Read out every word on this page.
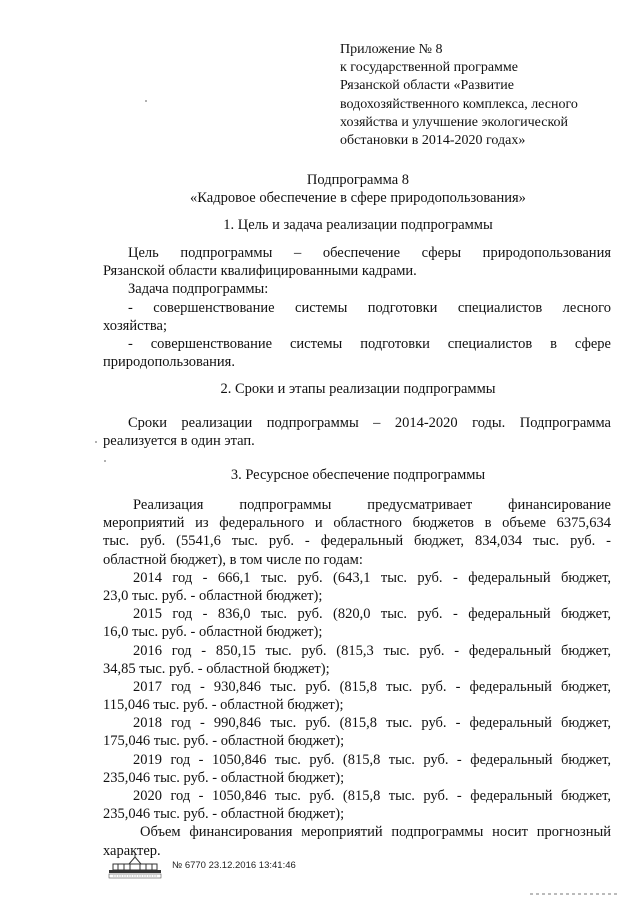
Приложение № 8
к государственной программе
Рязанской области «Развитие
водохозяйственного комплекса, лесного
хозяйства и улучшение экологической
обстановки в 2014-2020 годах»
Подпрограмма 8
«Кадровое обеспечение в сфере природопользования»
1. Цель и задача реализации подпрограммы
Цель подпрограммы – обеспечение сферы природопользования
Рязанской области квалифицированными кадрами.
Задача подпрограммы:
- совершенствование системы подготовки специалистов лесного
хозяйства;
- совершенствование системы подготовки специалистов в сфере
природопользования.
2. Сроки и этапы реализации подпрограммы
Сроки реализации подпрограммы – 2014-2020 годы. Подпрограмма
реализуется в один этап.
3. Ресурсное обеспечение подпрограммы
Реализация подпрограммы предусматривает финансирование
мероприятий из федерального и областного бюджетов в объеме 6375,634
тыс. руб. (5541,6 тыс. руб. - федеральный бюджет, 834,034 тыс. руб. -
областной бюджет), в том числе по годам:
2014 год - 666,1 тыс. руб. (643,1 тыс. руб. - федеральный бюджет,
23,0 тыс. руб. - областной бюджет);
2015 год - 836,0 тыс. руб. (820,0 тыс. руб. - федеральный бюджет,
16,0 тыс. руб. - областной бюджет);
2016 год - 850,15 тыс. руб. (815,3 тыс. руб. - федеральный бюджет,
34,85 тыс. руб. - областной бюджет);
2017 год - 930,846 тыс. руб. (815,8 тыс. руб. - федеральный бюджет,
115,046 тыс. руб. - областной бюджет);
2018 год - 990,846 тыс. руб. (815,8 тыс. руб. - федеральный бюджет,
175,046 тыс. руб. - областной бюджет);
2019 год - 1050,846 тыс. руб. (815,8 тыс. руб. - федеральный бюджет,
235,046 тыс. руб. - областной бюджет);
2020 год - 1050,846 тыс. руб. (815,8 тыс. руб. - федеральный бюджет,
235,046 тыс. руб. - областной бюджет);
Объем финансирования мероприятий подпрограммы носит прогнозный
характер.
№ 6770 23.12.2016 13:41:46
